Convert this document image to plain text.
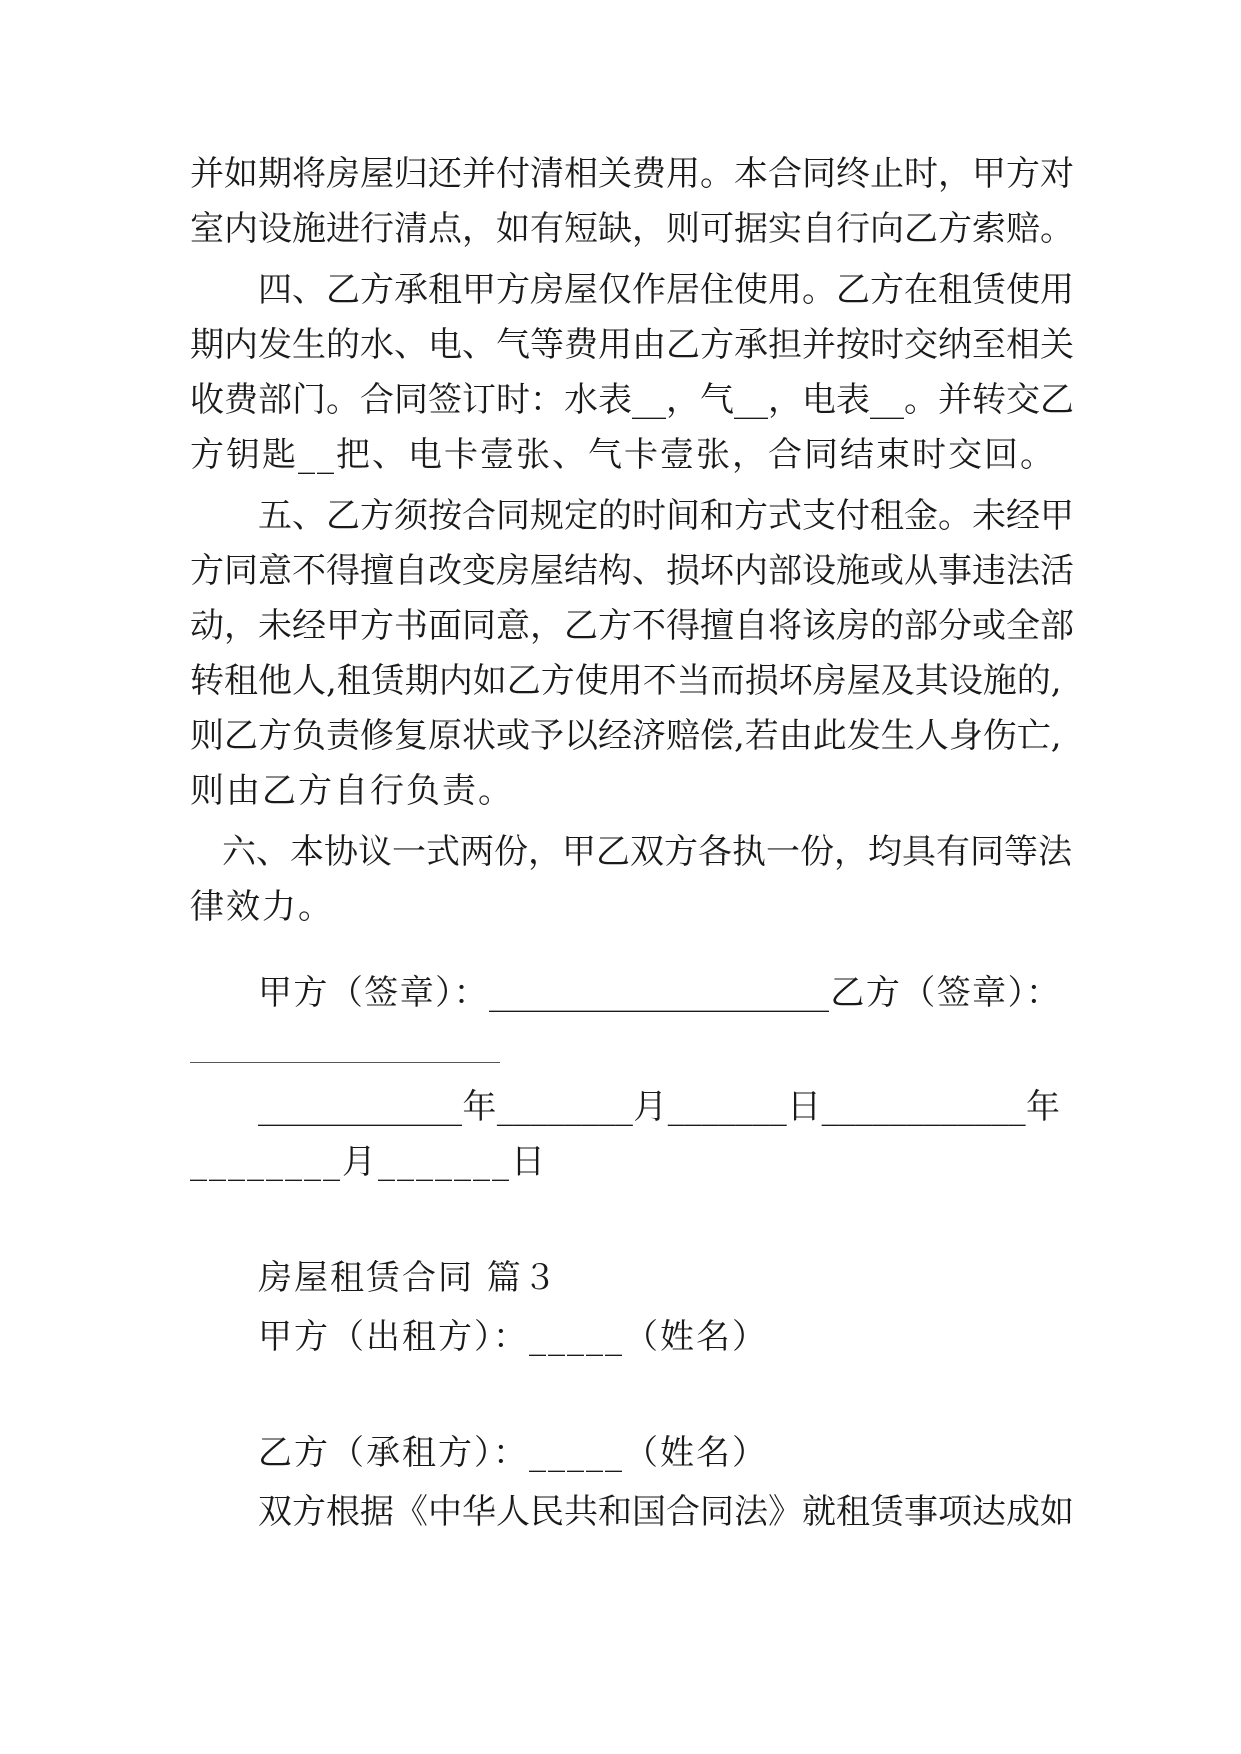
并如期将房屋归还并付清相关费用。本合同终止时，甲方对
室内设施进行清点，如有短缺，则可据实自行向乙方索赔。
四、乙方承租甲方房屋仅作居住使用。乙方在租赁使用
期内发生的水、电、气等费用由乙方承担并按时交纳至相关
收费部门。合同签订时：水表__，气__，电表__。并转交乙
方钥匙__把、电卡壹张、气卡壹张，合同结束时交回。
五、乙方须按合同规定的时间和方式支付租金。未经甲
方同意不得擅自改变房屋结构、损坏内部设施或从事违法活
动，未经甲方书面同意，乙方不得擅自将该房的部分或全部
转租他人,租赁期内如乙方使用不当而损坏房屋及其设施的,
则乙方负责修复原状或予以经济赔偿,若由此发生人身伤亡,
则由乙方自行负责。
六、本协议一式两份，甲乙双方各执一份，均具有同等法
律效力。
甲方（签章）：____________________乙方（签章）：
____________年________月_______日____________年
________月_______日
房屋租赁合同 篇３
甲方（出租方）：_____（姓名）
乙方（承租方）：_____（姓名）
双方根据《中华人民共和国合同法》就租赁事项达成如
